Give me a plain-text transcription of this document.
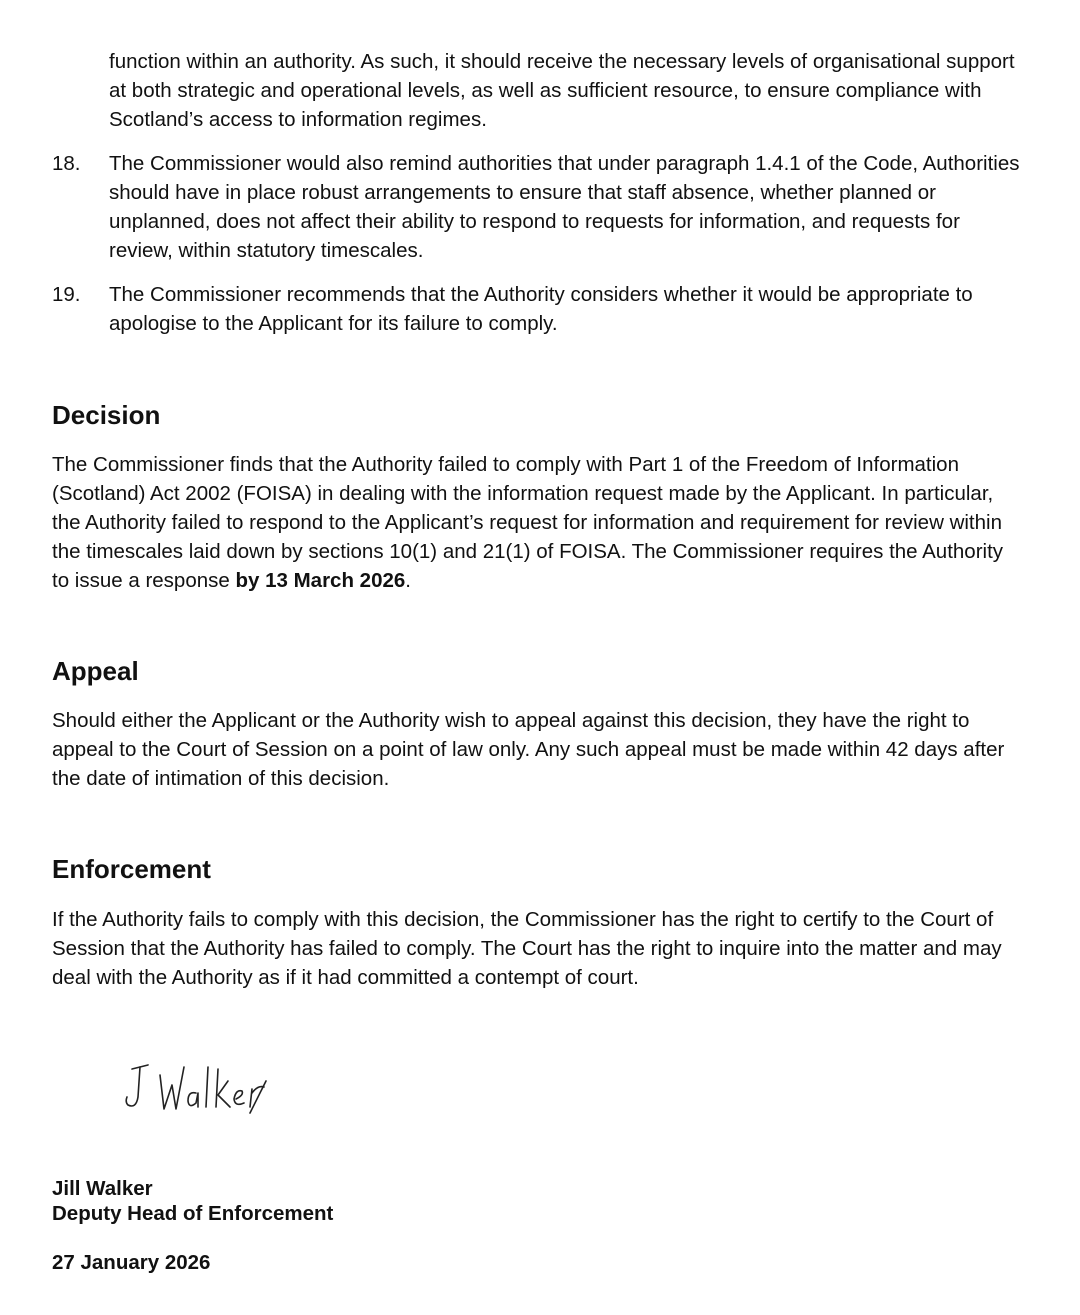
function within an authority. As such, it should receive the necessary levels of organisational support at both strategic and operational levels, as well as sufficient resource, to ensure compliance with Scotland’s access to information regimes.

18. The Commissioner would also remind authorities that under paragraph 1.4.1 of the Code, Authorities should have in place robust arrangements to ensure that staff absence, whether planned or unplanned, does not affect their ability to respond to requests for information, and requests for review, within statutory timescales.
19. The Commissioner recommends that the Authority considers whether it would be appropriate to apologise to the Applicant for its failure to comply.
Decision

The Commissioner finds that the Authority failed to comply with Part 1 of the Freedom of Information (Scotland) Act 2002 (FOISA) in dealing with the information request made by the Applicant. In particular, the Authority failed to respond to the Applicant’s request for information and requirement for review within the timescales laid down by sections 10(1) and 21(1) of FOISA. The Commissioner requires the Authority to issue a response by 13 March 2026.

Appeal

Should either the Applicant or the Authority wish to appeal against this decision, they have the right to appeal to the Court of Session on a point of law only. Any such appeal must be made within 42 days after the date of intimation of this decision.

Enforcement

If the Authority fails to comply with this decision, the Commissioner has the right to certify to the Court of Session that the Authority has failed to comply. The Court has the right to inquire into the matter and may deal with the Authority as if it had committed a contempt of court.

Jill Walker

Deputy Head of Enforcement

27 January 2026
